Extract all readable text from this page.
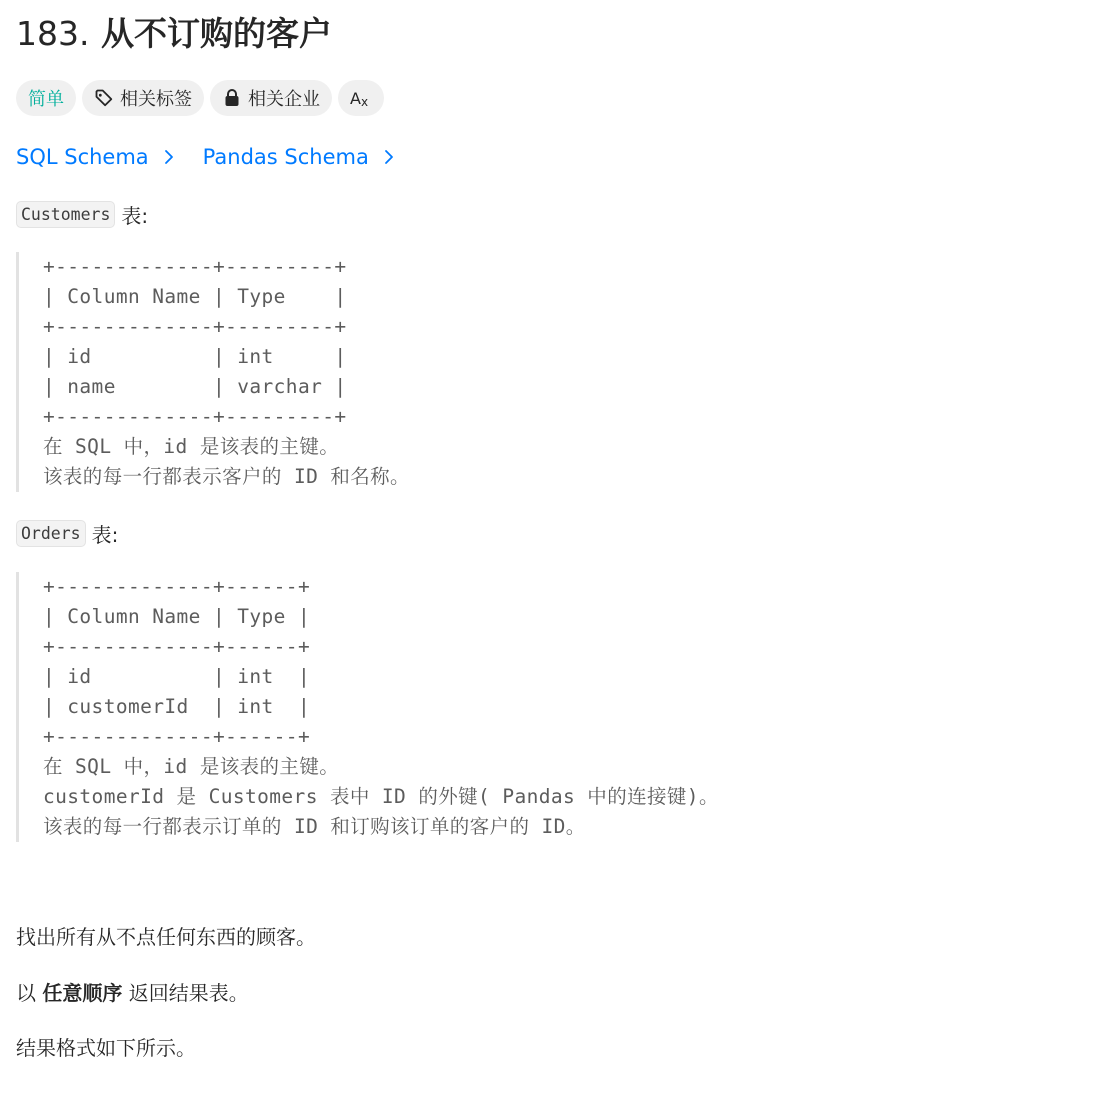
183. 从不订购的客户
简单	相关标签	相关企业 A x
SQL Schema	Pandas Schema
Customers 表:
+-------------+---------+
| Column Name | Type    |
+-------------+---------+
| id          | int     |
| name        | varchar |
+-------------+---------+
在 SQL 中，id 是该表的主键。
该表的每一行都表示客户的 ID 和名称。
Orders 表:
+-------------+------+
| Column Name | Type |
+-------------+------+
| id          | int  |
| customerId  | int  |
+-------------+------+
在 SQL 中，id 是该表的主键。
customerId 是 Customers 表中 ID 的外键( Pandas 中的连接键)。
该表的每一行都表示订单的 ID 和订购该订单的客户的 ID。
找出所有从不点任何东西的顾客。
以 任意顺序 返回结果表。
结果格式如下所示。
